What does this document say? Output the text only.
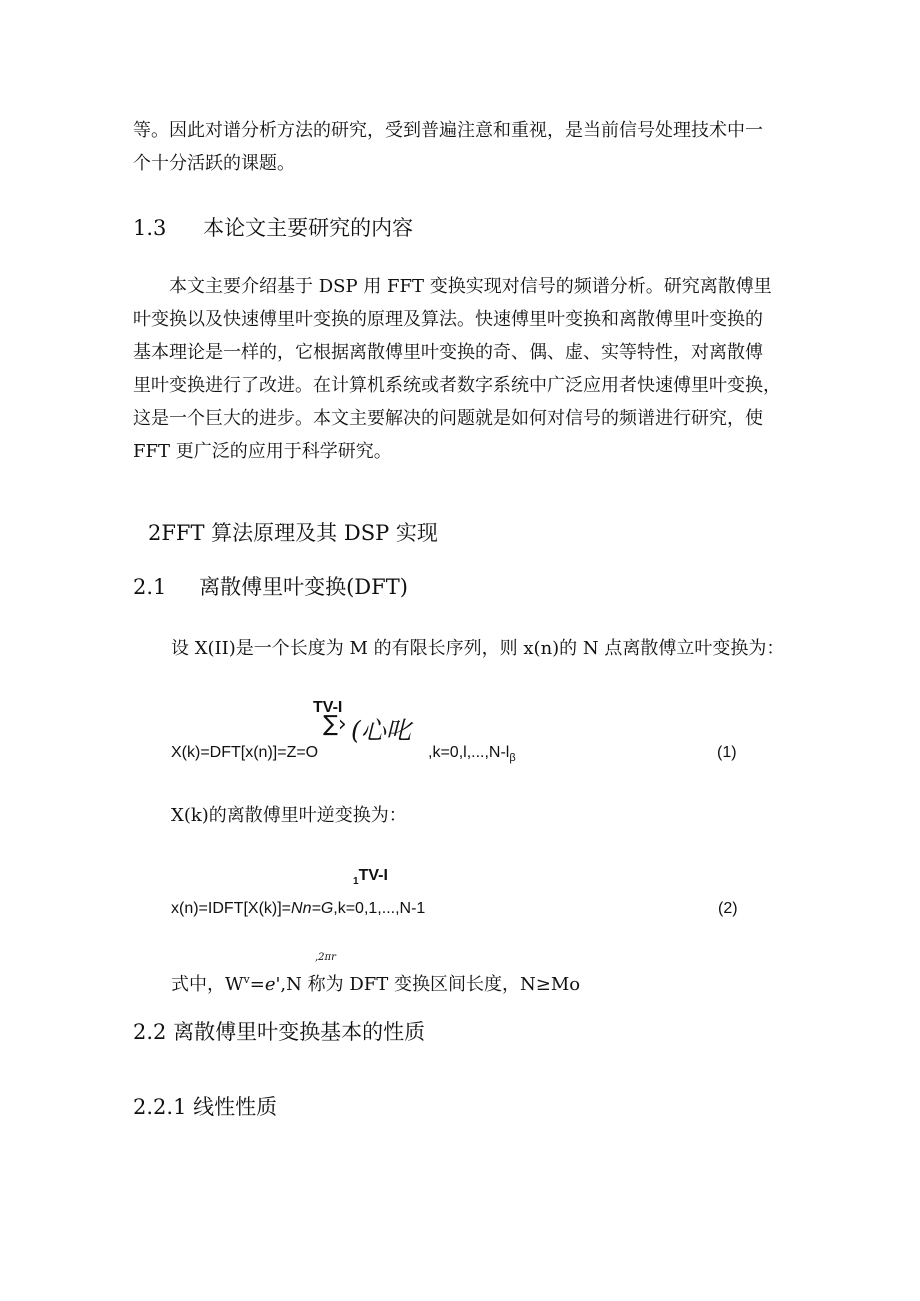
等。因此对谱分析方法的研究，受到普遍注意和重视，是当前信号处理技术中一
个十分活跃的课题。
1.3 本论文主要研究的内容
　　本文主要介绍基于 DSP 用 FFT 变换实现对信号的频谱分析。研究离散傅里
叶变换以及快速傅里叶变换的原理及算法。快速傅里叶变换和离散傅里叶变换的
基本理论是一样的，它根据离散傅里叶变换的奇、偶、虚、实等特性，对离散傅
里叶变换进行了改进。在计算机系统或者数字系统中广泛应用者快速傅里叶变换，
这是一个巨大的进步。本文主要解决的问题就是如何对信号的频谱进行研究，使
FFT 更广泛的应用于科学研究。
2FFT 算法原理及其 DSP 实现
2.1 离散傅里叶变换(DFT)
设 X(II)是一个长度为 M 的有限长序列，则 x(n)的 N 点离散傅立叶变换为：
TV-I
∑› (心叱
X(k)=DFT[x(n)]=Z=O	$,k=0,l,...,N-l_\beta$	(1)
X(k)的离散傅里叶逆变换为：
$_1$TV-I
x(n)=IDFT[X(k)]=Nn=G,k=0,1,...,N-1	(2)
,2πr
式中，$W^v=e',N$ 称为 DFT 变换区间长度，N≥Mo
2.2 离散傅里叶变换基本的性质
2.2.1 线性性质
